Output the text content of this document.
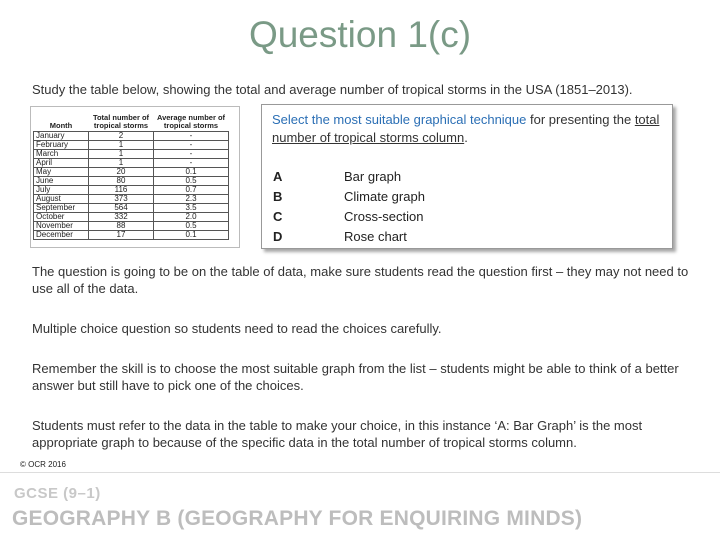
Question 1(c)
Study the table below, showing the total and average number of tropical storms in the USA (1851–2013).
Month	Total number of tropical storms	Average number of tropical storms
January	2	-
February	1	-
March	1	-
April	1	-
May	20	0.1
June	80	0.5
July	116	0.7
August	373	2.3
September	564	3.5
October	332	2.0
November	88	0.5
December	17	0.1
Select the most suitable graphical technique for presenting the total number of tropical storms column.
A	Bar graph
B	Climate graph
C	Cross-section
D	Rose chart
The question is going to be on the table of data, make sure students read the question first – they may not need to use all of the data.
Multiple choice question so students need to read the choices carefully.
Remember the skill is to choose the most suitable graph from the list – students might be able to think of a better answer but still have to pick one of the choices.
Students must refer to the data in the table to make your choice, in this instance ‘A: Bar Graph’ is the most appropriate graph to because of the specific data in the total number of tropical storms column.
© OCR 2016
GCSE (9–1)
GEOGRAPHY B (GEOGRAPHY FOR ENQUIRING MINDS)
